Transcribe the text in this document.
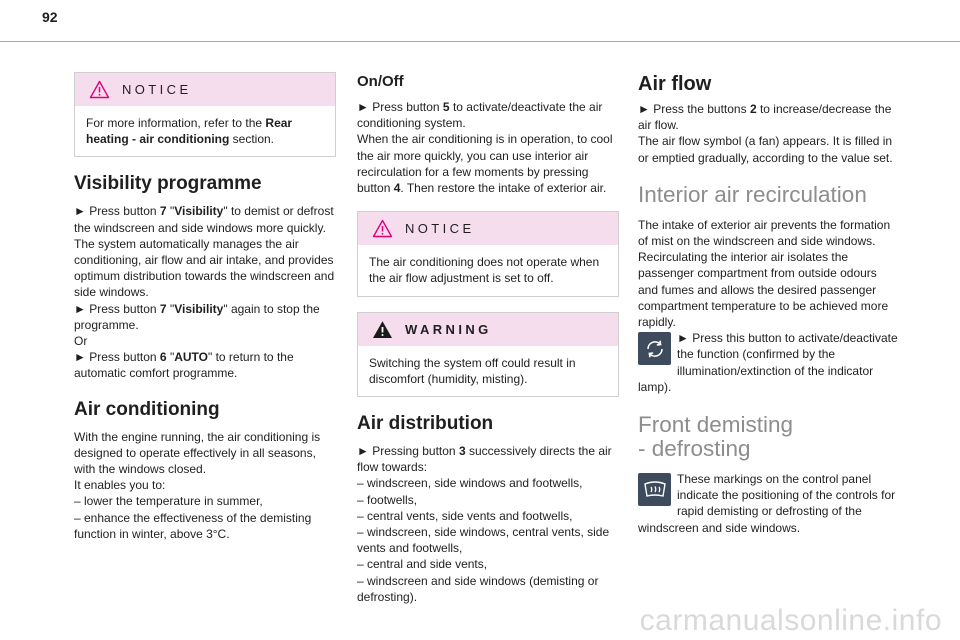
92
NOTICE

For more information, refer to the Rear heating - air conditioning section.

Visibility programme

► Press button 7 "Visibility" to demist or defrost the windscreen and side windows more quickly.

The system automatically manages the air conditioning, air flow and air intake, and provides optimum distribution towards the windscreen and side windows.

► Press button 7 "Visibility" again to stop the programme.

Or

► Press button 6 "AUTO" to return to the automatic comfort programme.

Air conditioning

With the engine running, the air conditioning is designed to operate effectively in all seasons, with the windows closed.

It enables you to:

– lower the temperature in summer,

– enhance the effectiveness of the demisting function in winter, above 3°C.

On/Off

► Press button 5 to activate/deactivate the air conditioning system.

When the air conditioning is in operation, to cool the air more quickly, you can use interior air recirculation for a few moments by pressing button 4. Then restore the intake of exterior air.

NOTICE

The air conditioning does not operate when the air flow adjustment is set to off.

WARNING

Switching the system off could result in discomfort (humidity, misting).

Air distribution

► Pressing button 3 successively directs the air flow towards:

– windscreen, side windows and footwells,

– footwells,

– central vents, side vents and footwells,

– windscreen, side windows, central vents, side vents and footwells,

– central and side vents,

– windscreen and side windows (demisting or defrosting).

Air flow

► Press the buttons 2 to increase/decrease the air flow.

The air flow symbol (a fan) appears. It is filled in or emptied gradually, according to the value set.

Interior air recirculation

The intake of exterior air prevents the formation of mist on the windscreen and side windows.

Recirculating the interior air isolates the passenger compartment from outside odours and fumes and allows the desired passenger compartment temperature to be achieved more rapidly.

► Press this button to activate/deactivate the function (confirmed by the illumination/extinction of the indicator lamp).

Front demisting
- defrosting

These markings on the control panel indicate the positioning of the controls for rapid demisting or defrosting of the windscreen and side windows.

carmanualsonline.info
